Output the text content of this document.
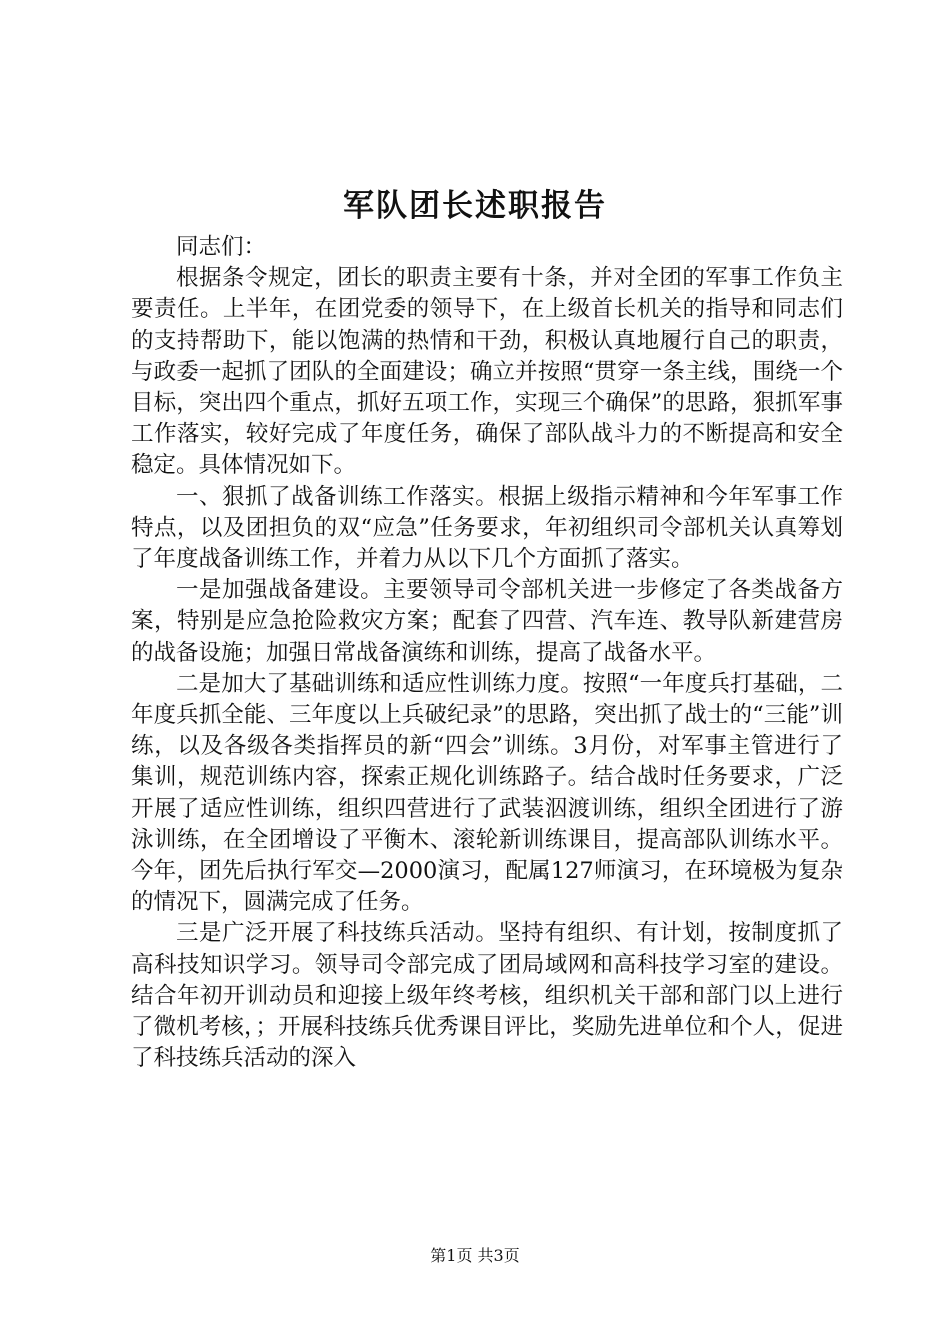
军队团长述职报告

同志们：

根据条令规定，团长的职责主要有十条，并对全团的军事工作负主要责任。上半年，在团党委的领导下，在上级首长机关的指导和同志们的支持帮助下，能以饱满的热情和干劲，积极认真地履行自己的职责，与政委一起抓了团队的全面建设；确立并按照“贯穿一条主线，围绕一个目标，突出四个重点，抓好五项工作，实现三个确保”的思路，狠抓军事工作落实，较好完成了年度任务，确保了部队战斗力的不断提高和安全稳定。具体情况如下。

一、狠抓了战备训练工作落实。根据上级指示精神和今年军事工作特点，以及团担负的双“应急”任务要求，年初组织司令部机关认真筹划了年度战备训练工作，并着力从以下几个方面抓了落实。

一是加强战备建设。主要领导司令部机关进一步修定了各类战备方案，特别是应急抢险救灾方案；配套了四营、汽车连、教导队新建营房的战备设施；加强日常战备演练和训练，提高了战备水平。

二是加大了基础训练和适应性训练力度。按照“一年度兵打基础，二年度兵抓全能、三年度以上兵破纪录”的思路，突出抓了战士的“三能”训练，以及各级各类指挥员的新“四会”训练。3月份，对军事主管进行了集训，规范训练内容，探索正规化训练路子。结合战时任务要求，广泛开展了适应性训练，组织四营进行了武装泅渡训练，组织全团进行了游泳训练，在全团增设了平衡木、滚轮新训练课目，提高部队训练水平。今年，团先后执行军交—2000演习，配属127师演习，在环境极为复杂的情况下，圆满完成了任务。

三是广泛开展了科技练兵活动。坚持有组织、有计划，按制度抓了高科技知识学习。领导司令部完成了团局域网和高科技学习室的建设。结合年初开训动员和迎接上级年终考核，组织机关干部和部门以上进行了微机考核，；开展科技练兵优秀课目评比，奖励先进单位和个人，促进了科技练兵活动的深入

第1页 共3页
